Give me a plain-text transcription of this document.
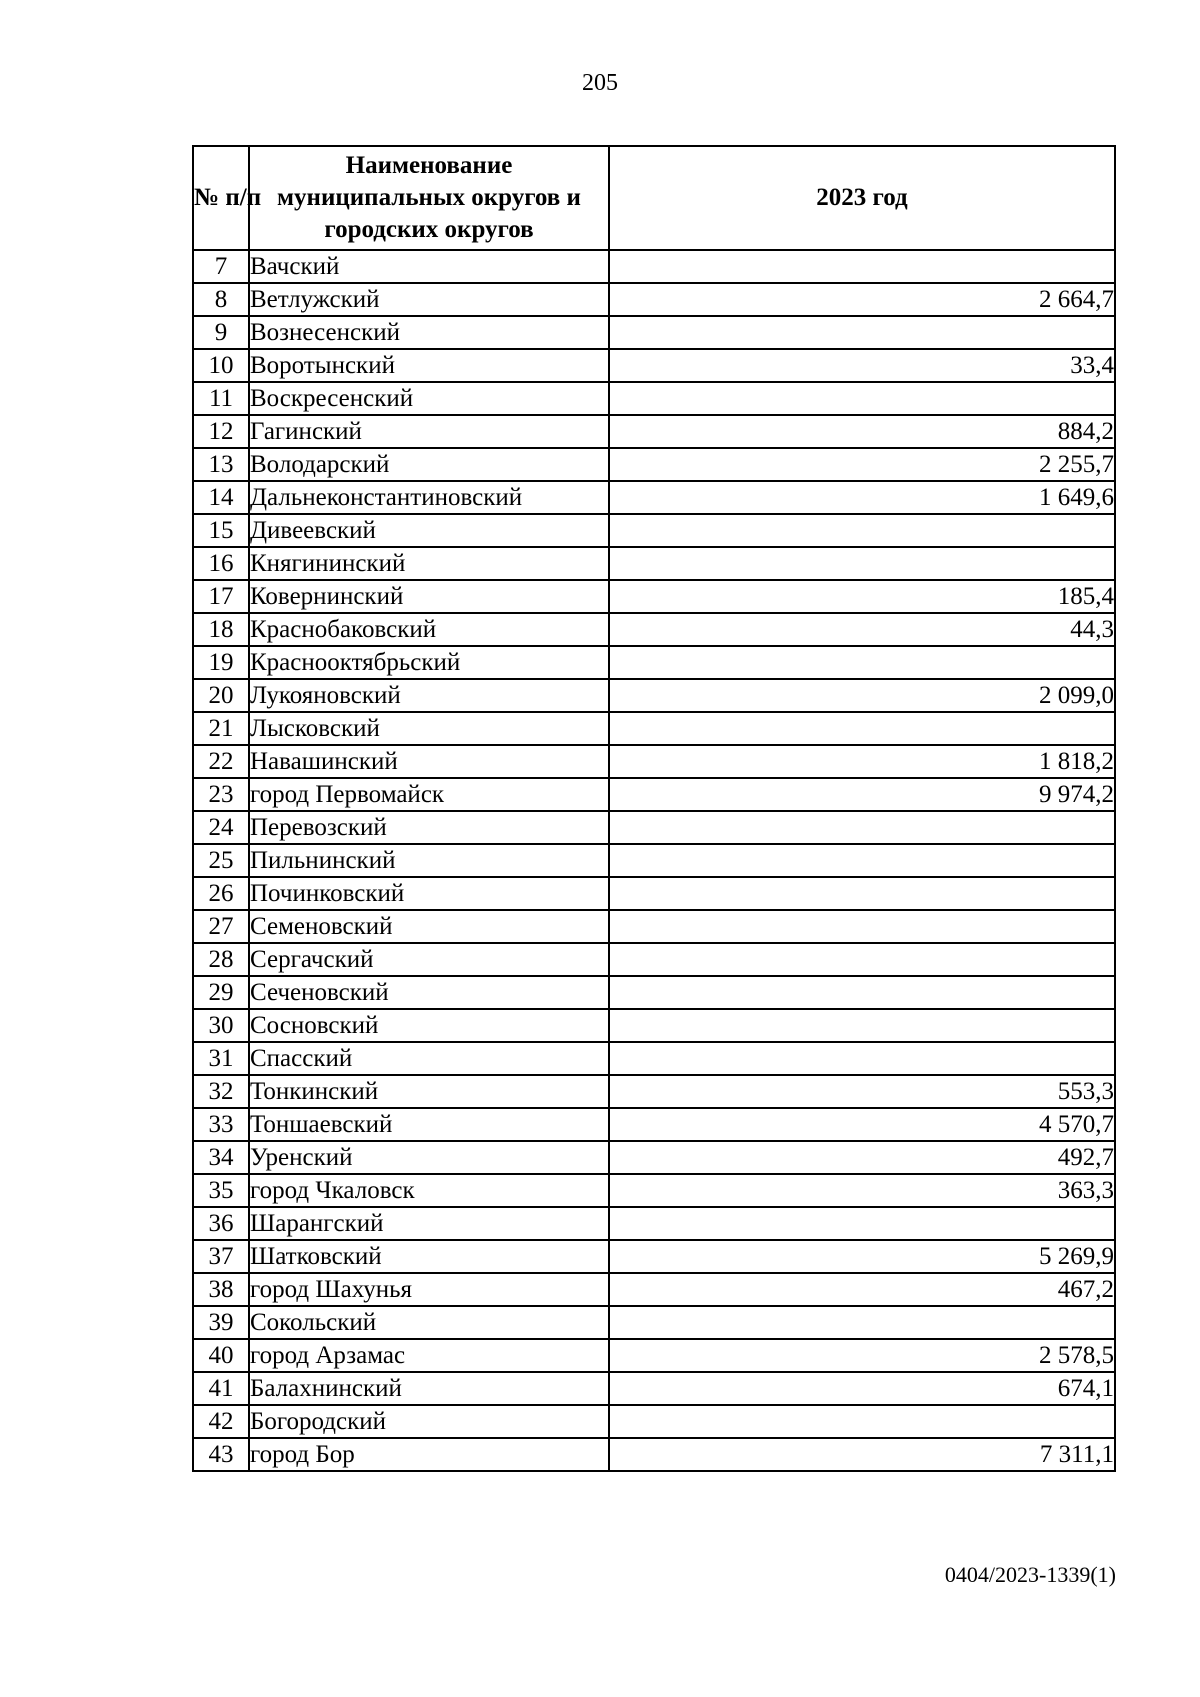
205
№ п/п	Наименование муниципальных округов и городских округов	2023 год
7	Вачский	
8	Ветлужский	2 664,7
9	Вознесенский	
10	Воротынский	33,4
11	Воскресенский	
12	Гагинский	884,2
13	Володарский	2 255,7
14	Дальнеконстантиновский	1 649,6
15	Дивеевский	
16	Княгининский	
17	Ковернинский	185,4
18	Краснобаковский	44,3
19	Краснооктябрьский	
20	Лукояновский	2 099,0
21	Лысковский	
22	Навашинский	1 818,2
23	город Первомайск	9 974,2
24	Перевозский	
25	Пильнинский	
26	Починковский	
27	Семеновский	
28	Сергачский	
29	Сеченовский	
30	Сосновский	
31	Спасский	
32	Тонкинский	553,3
33	Тоншаевский	4 570,7
34	Уренский	492,7
35	город Чкаловск	363,3
36	Шарангский	
37	Шатковский	5 269,9
38	город Шахунья	467,2
39	Сокольский	
40	город Арзамас	2 578,5
41	Балахнинский	674,1
42	Богородский	
43	город Бор	7 311,1
0404/2023-1339(1)
